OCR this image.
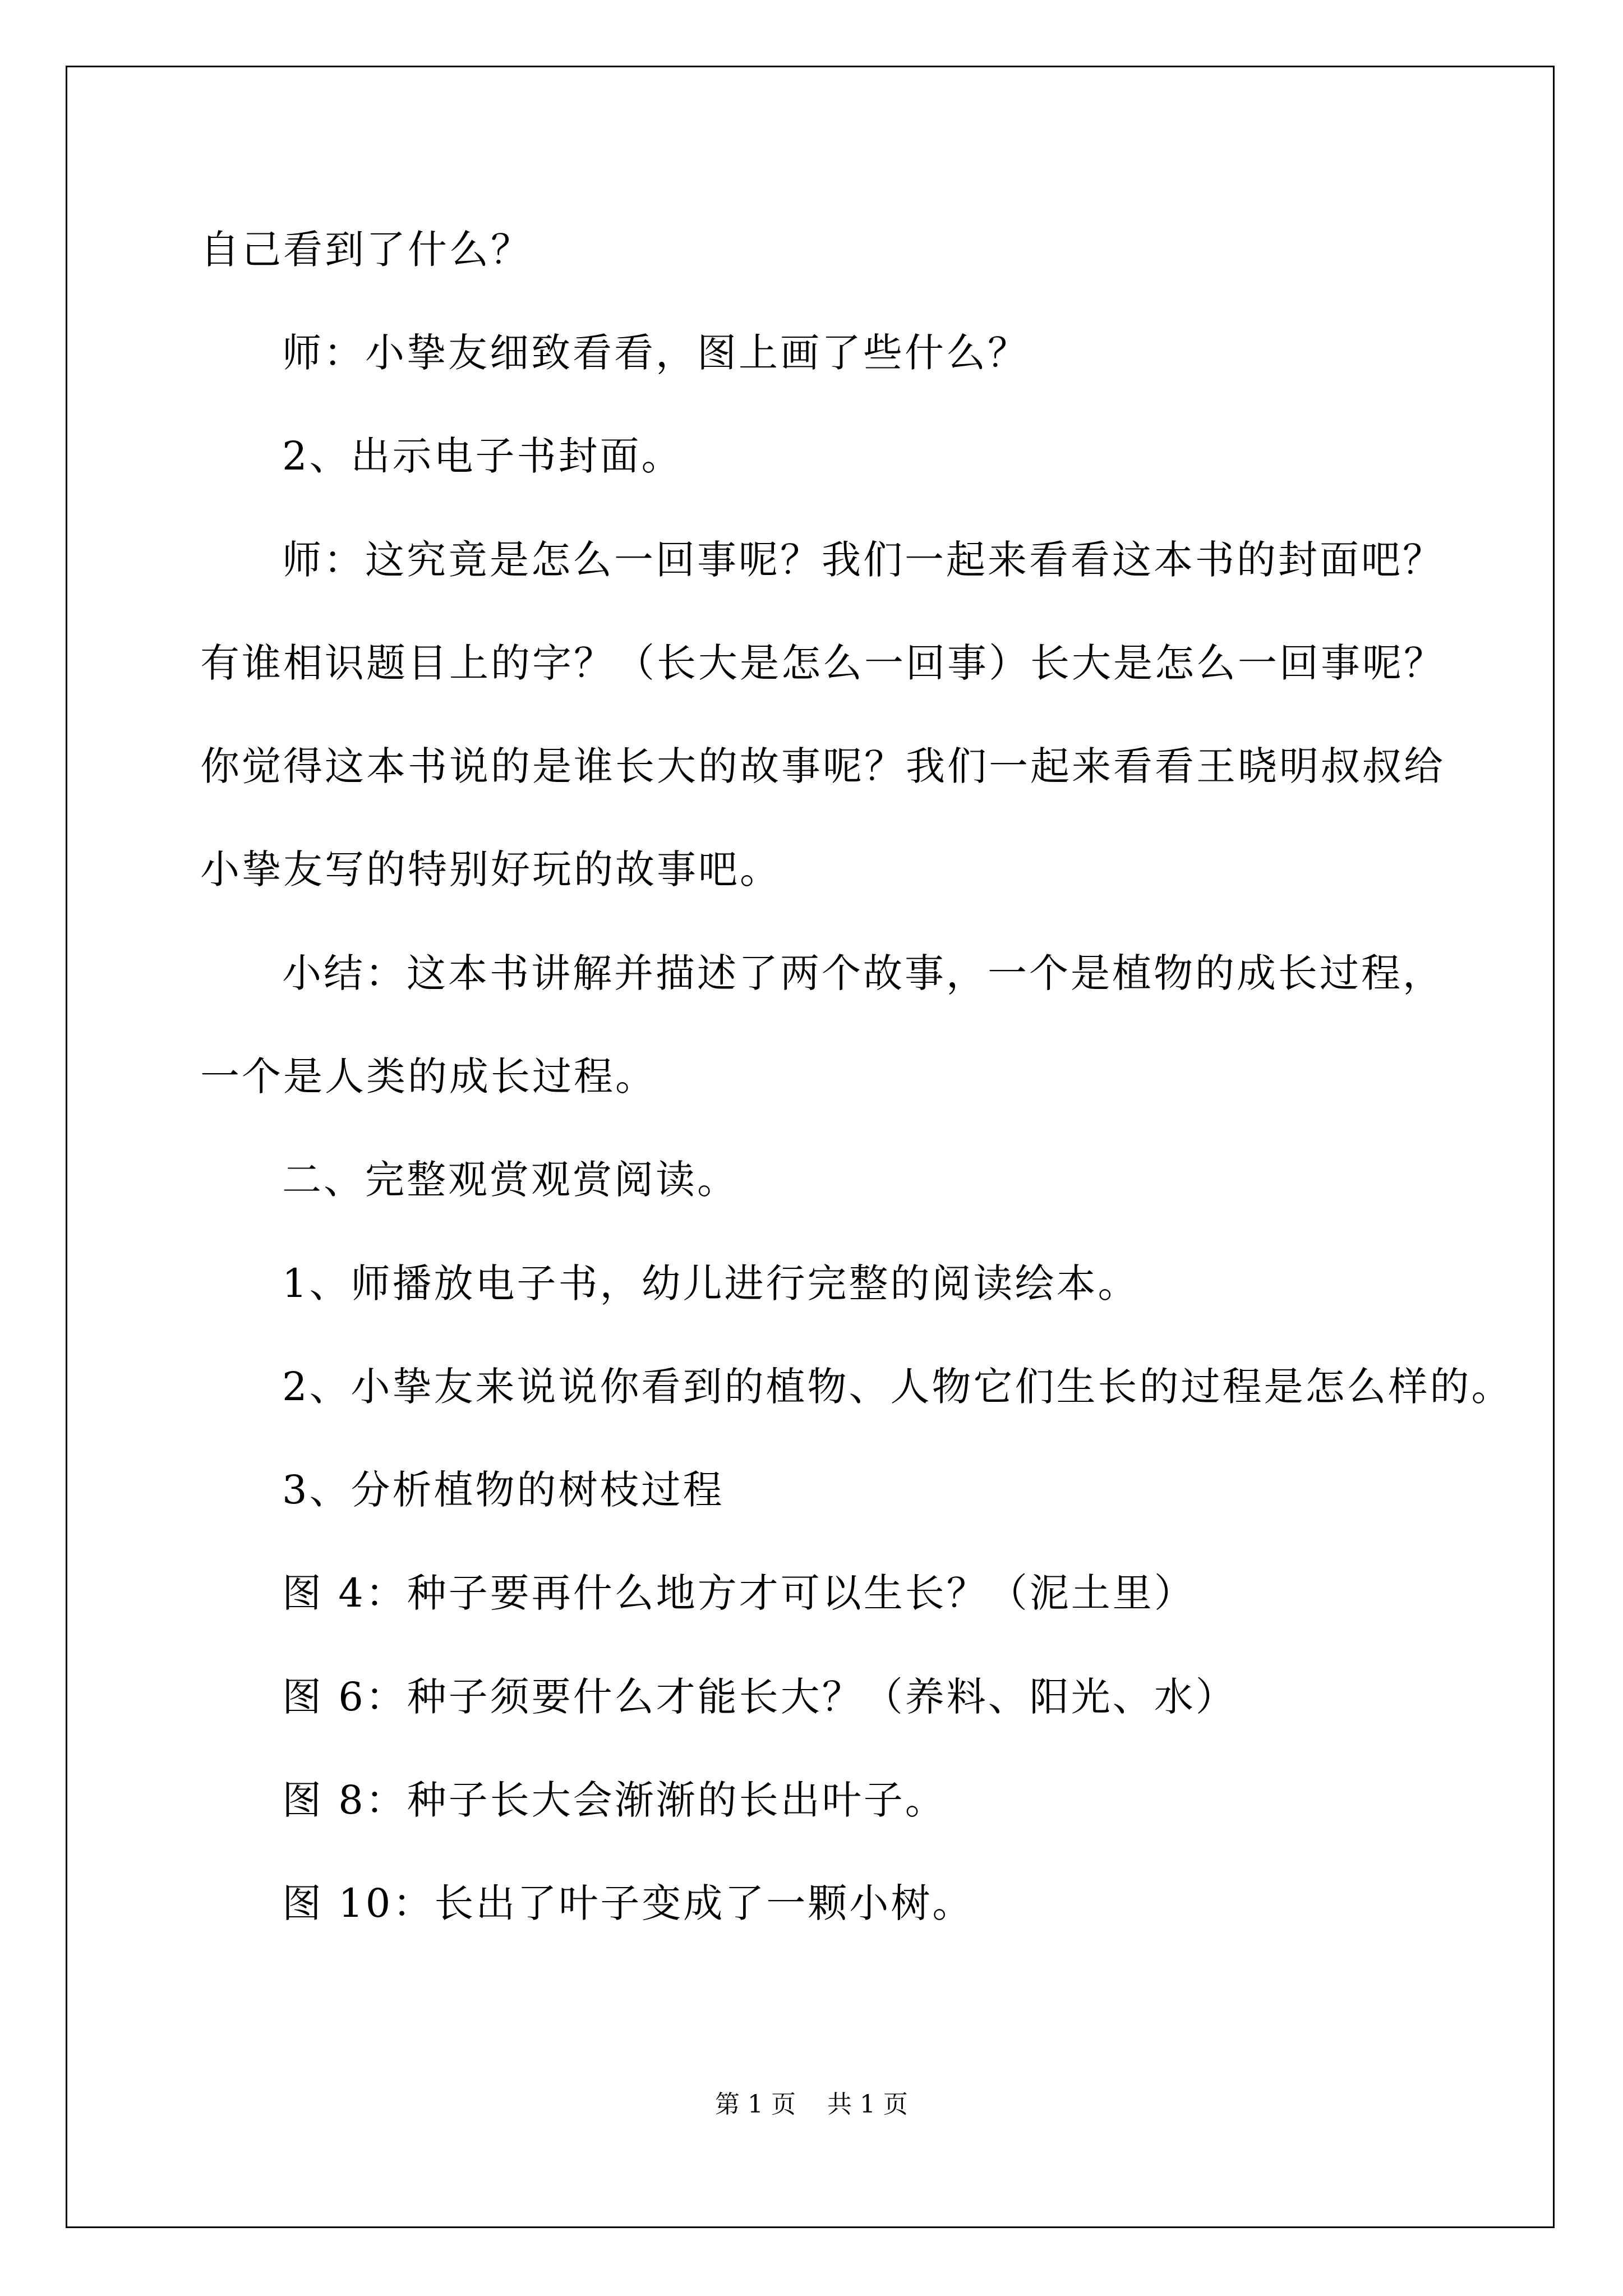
自己看到了什么？
师：小挚友细致看看，图上画了些什么？
2、出示电子书封面。
师：这究竟是怎么一回事呢？我们一起来看看这本书的封面吧？
有谁相识题目上的字？（长大是怎么一回事）长大是怎么一回事呢？
你觉得这本书说的是谁长大的故事呢？我们一起来看看王晓明叔叔给
小挚友写的特别好玩的故事吧。
小结：这本书讲解并描述了两个故事，一个是植物的成长过程，
一个是人类的成长过程。
二、完整观赏观赏阅读。
1、师播放电子书，幼儿进行完整的阅读绘本。
2、小挚友来说说你看到的植物、人物它们生长的过程是怎么样的。
3、分析植物的树枝过程
图 4：种子要再什么地方才可以生长？（泥土里）
图 6：种子须要什么才能长大？（养料、阳光、水）
图 8：种子长大会渐渐的长出叶子。
图 10：长出了叶子变成了一颗小树。
第 1 页    共 1 页
